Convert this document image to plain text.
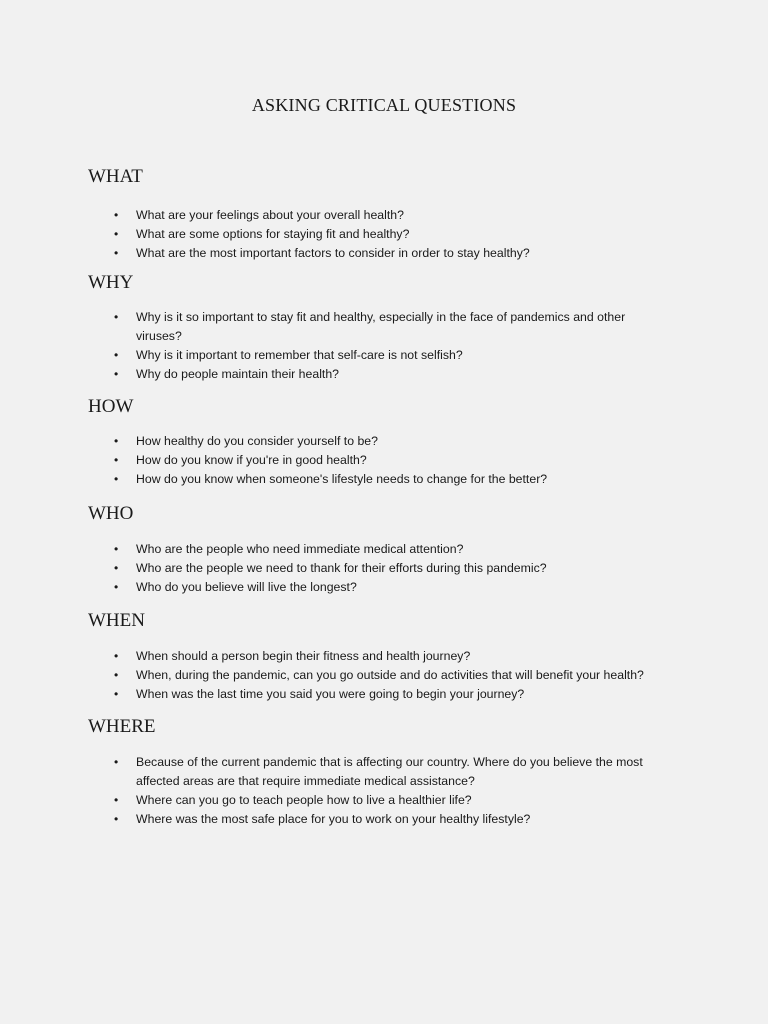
ASKING CRITICAL QUESTIONS
WHAT
• What are your feelings about your overall health?
• What are some options for staying fit and healthy?
• What are the most important factors to consider in order to stay healthy?
WHY
• Why is it so important to stay fit and healthy, especially in the face of pandemics and other viruses?
• Why is it important to remember that self-care is not selfish?
• Why do people maintain their health?
HOW
• How healthy do you consider yourself to be?
• How do you know if you're in good health?
• How do you know when someone's lifestyle needs to change for the better?
WHO
• Who are the people who need immediate medical attention?
• Who are the people we need to thank for their efforts during this pandemic?
• Who do you believe will live the longest?
WHEN
• When should a person begin their fitness and health journey?
• When, during the pandemic, can you go outside and do activities that will benefit your health?
• When was the last time you said you were going to begin your journey?
WHERE
• Because of the current pandemic that is affecting our country. Where do you believe the most affected areas are that require immediate medical assistance?
• Where can you go to teach people how to live a healthier life?
• Where was the most safe place for you to work on your healthy lifestyle?
